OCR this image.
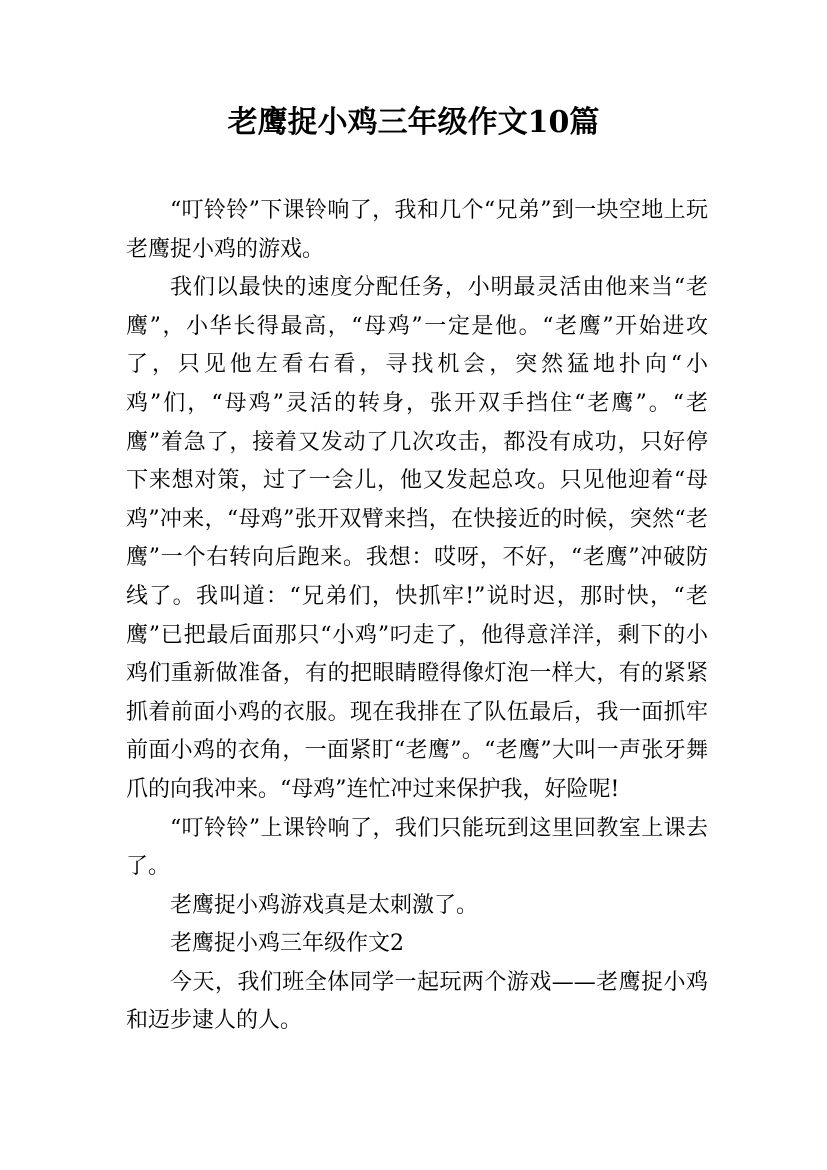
老鹰捉小鸡三年级作文10篇

“叮铃铃”下课铃响了，我和几个“兄弟”到一块空地上玩老鹰捉小鸡的游戏。

我们以最快的速度分配任务，小明最灵活由他来当“老鹰”，小华长得最高，“母鸡”一定是他。“老鹰”开始进攻了，只见他左看右看，寻找机会，突然猛地扑向“小鸡”们，“母鸡”灵活的转身，张开双手挡住“老鹰”。“老鹰”着急了，接着又发动了几次攻击，都没有成功，只好停下来想对策，过了一会儿，他又发起总攻。只见他迎着“母鸡”冲来，“母鸡”张开双臂来挡，在快接近的时候，突然“老鹰”一个右转向后跑来。我想：哎呀，不好，“老鹰”冲破防线了。我叫道：“兄弟们，快抓牢!”说时迟，那时快，“老鹰”已把最后面那只“小鸡”叼走了，他得意洋洋，剩下的小鸡们重新做准备，有的把眼睛瞪得像灯泡一样大，有的紧紧抓着前面小鸡的衣服。现在我排在了队伍最后，我一面抓牢前面小鸡的衣角，一面紧盯“老鹰”。“老鹰”大叫一声张牙舞爪的向我冲来。“母鸡”连忙冲过来保护我，好险呢!

“叮铃铃”上课铃响了，我们只能玩到这里回教室上课去了。

老鹰捉小鸡游戏真是太刺激了。

老鹰捉小鸡三年级作文2

今天，我们班全体同学一起玩两个游戏——老鹰捉小鸡和迈步逮人的人。
